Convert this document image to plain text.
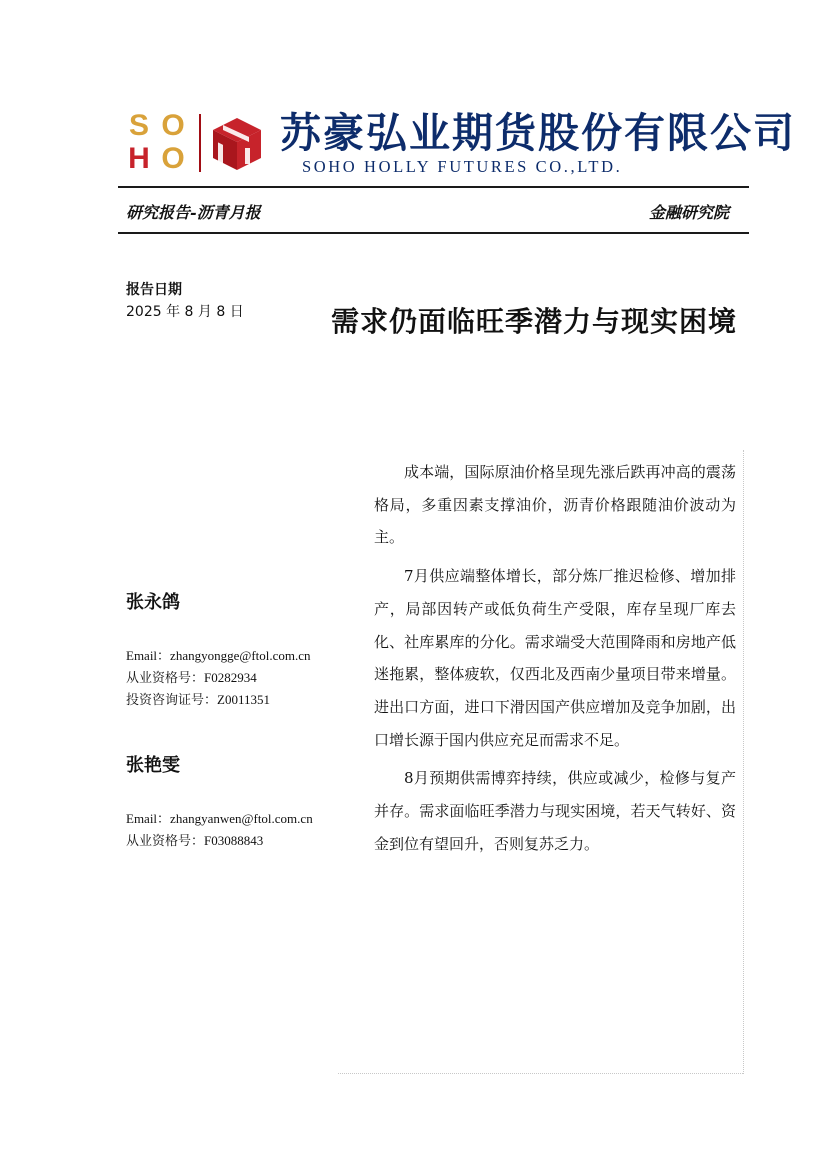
S O
H O
苏豪弘业期货股份有限公司
SOHO HOLLY FUTURES CO.,LTD.
研究报告-沥青月报	金融研究院
报告日期
2025 年 8 月 8 日	需求仍面临旺季潜力与现实困境
张永鸽
Email：zhangyongge@ftol.com.cn
从业资格号：F0282934
投资咨询证号：Z0011351
张艳雯
Email：zhangyanwen@ftol.com.cn
从业资格号：F03088843

成本端，国际原油价格呈现先涨后跌再冲高的震荡格局，多重因素支撑油价，沥青价格跟随油价波动为主。

7月供应端整体增长，部分炼厂推迟检修、增加排产，局部因转产或低负荷生产受限，库存呈现厂库去化、社库累库的分化。需求端受大范围降雨和房地产低迷拖累，整体疲软，仅西北及西南少量项目带来增量。进出口方面，进口下滑因国产供应增加及竞争加剧，出口增长源于国内供应充足而需求不足。

8月预期供需博弈持续，供应或减少，检修与复产并存。需求面临旺季潜力与现实困境，若天气转好、资金到位有望回升，否则复苏乏力。
